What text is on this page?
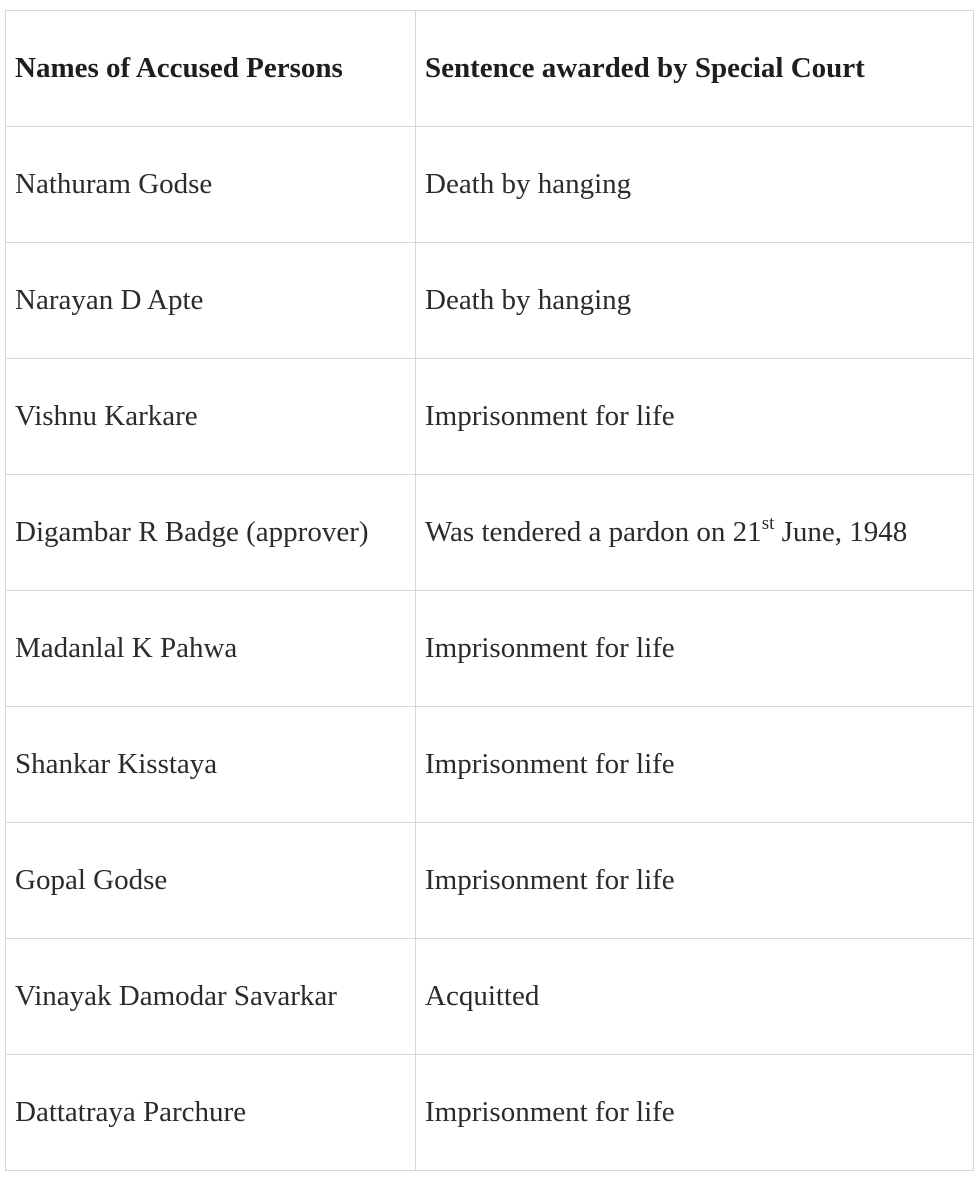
Names of Accused Persons	Sentence awarded by Special Court
Nathuram Godse	Death by hanging
Narayan D Apte	Death by hanging
Vishnu Karkare	Imprisonment for life
Digambar R Badge (approver)	Was tendered a pardon on 21st June, 1948
Madanlal K Pahwa	Imprisonment for life
Shankar Kisstaya	Imprisonment for life
Gopal Godse	Imprisonment for life
Vinayak Damodar Savarkar	Acquitted
Dattatraya Parchure	Imprisonment for life
